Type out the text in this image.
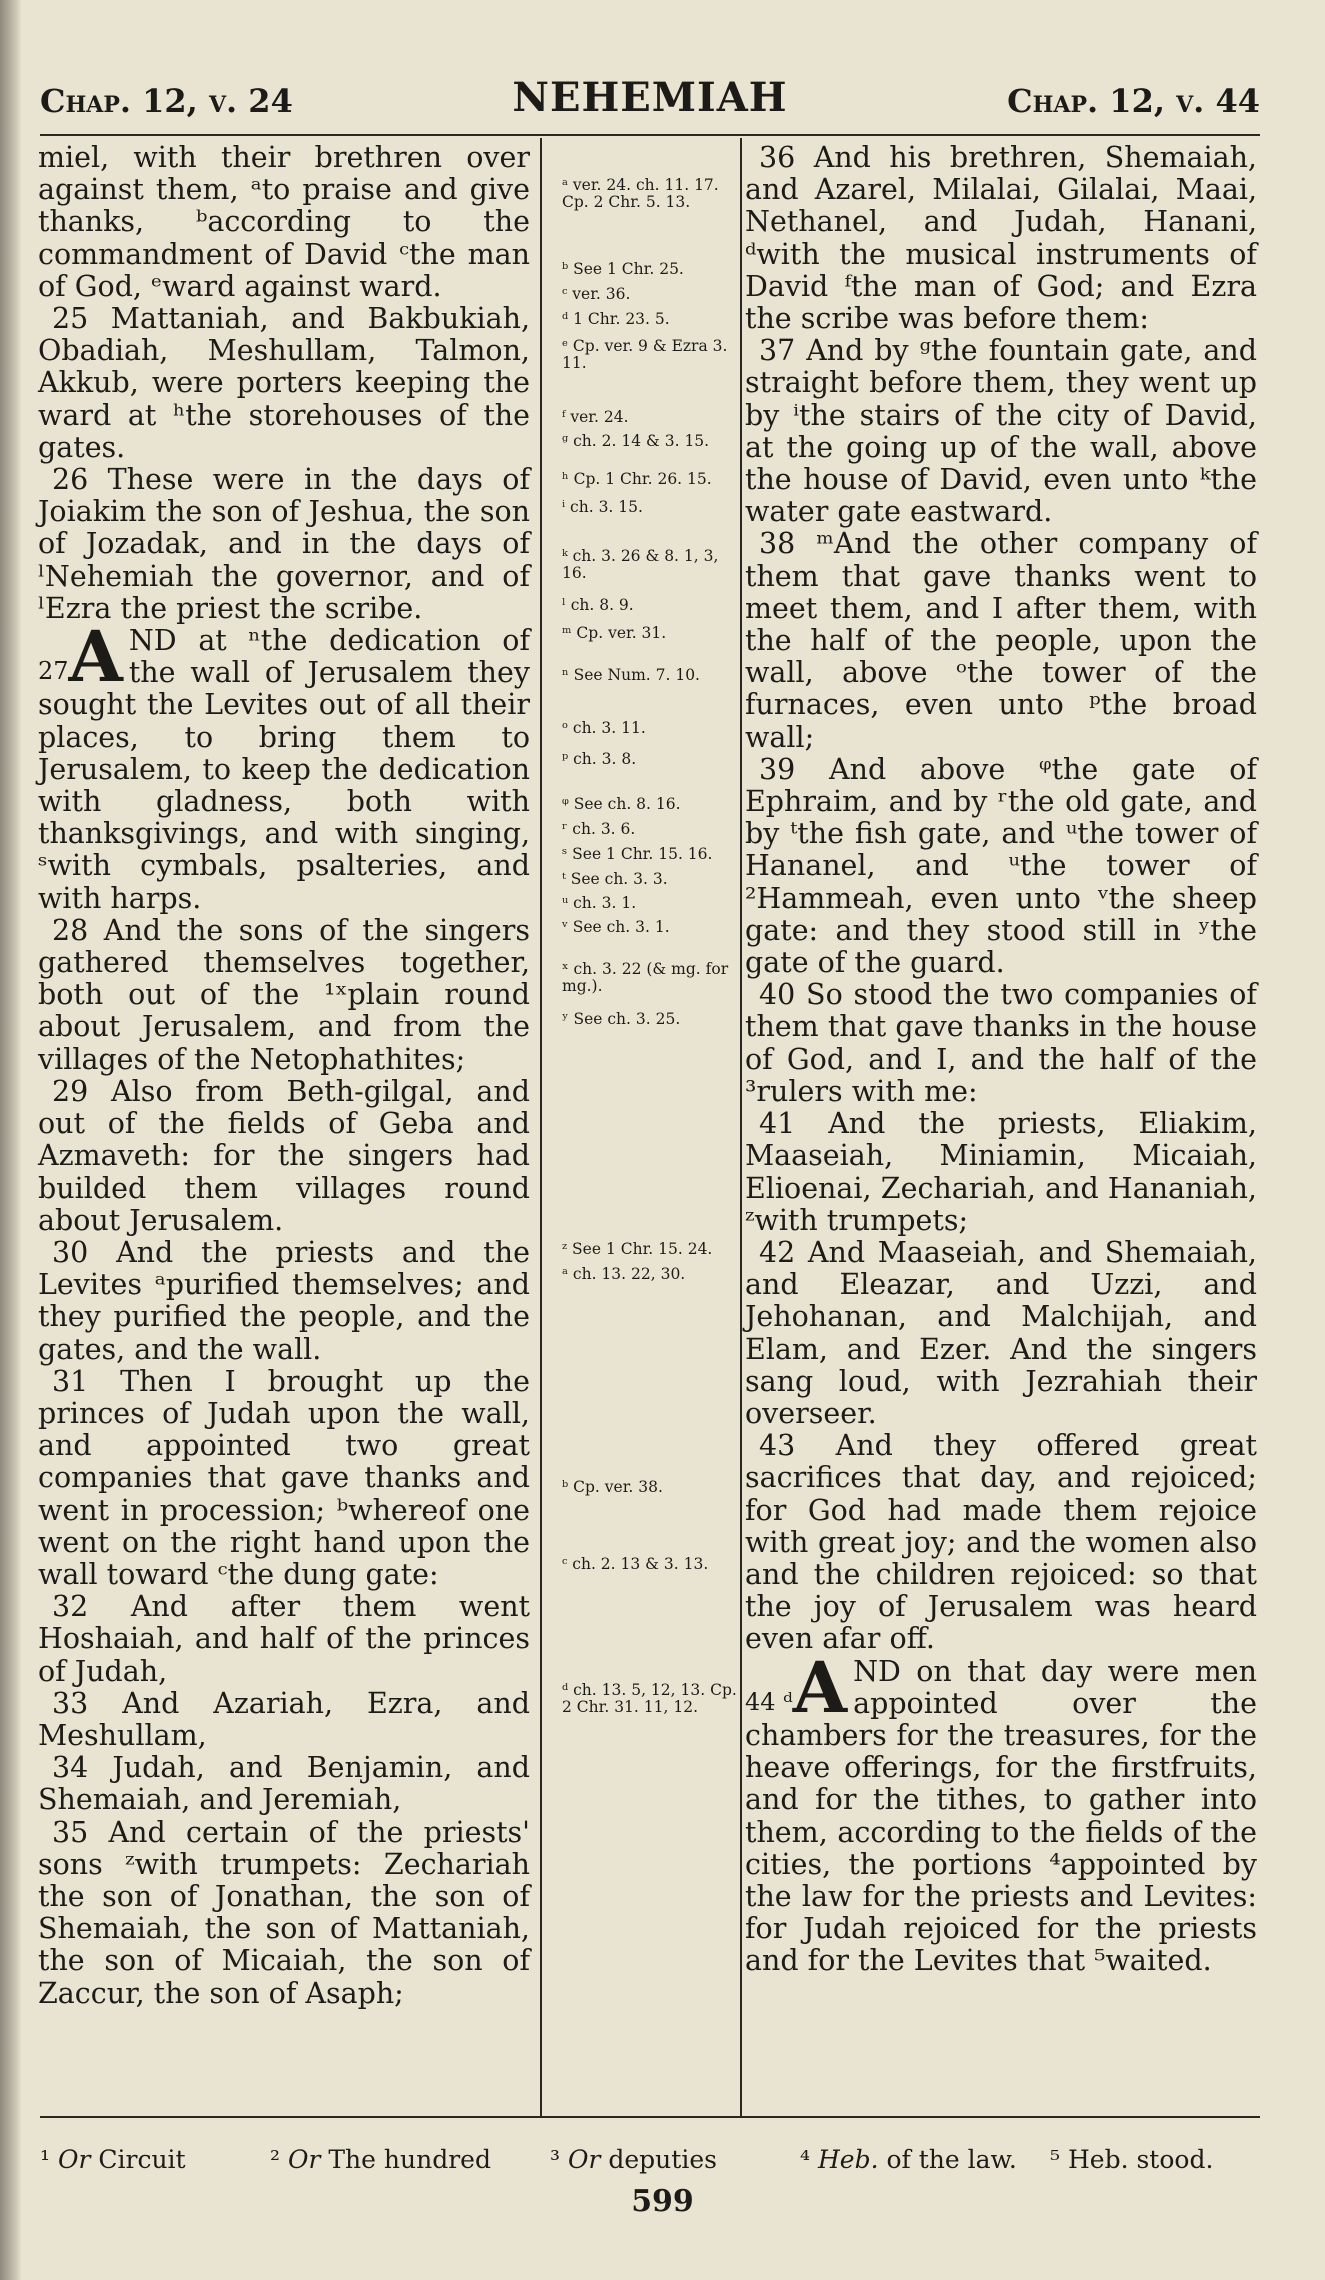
Chap. 12, v. 24	NEHEMIAH	Chap. 12, v. 44
miel, with their brethren over against them, ᵃto praise and give thanks, ᵇaccording to the commandment of David ᶜthe man of God, ᵉward against ward.
25 Mattaniah, and Bakbukiah, Obadiah, Meshullam, Talmon, Akkub, were porters keeping the ward at ʰthe storehouses of the gates.
26 These were in the days of Joiakim the son of Jeshua, the son of Jozadak, and in the days of ˡNehemiah the governor, and of ˡEzra the priest the scribe.
27 A ND at ⁿthe dedication of the wall of Jerusalem they sought the Levites out of all their places, to bring them to Jerusalem, to keep the dedication with gladness, both with thanksgivings, and with singing, ˢwith cymbals, psalteries, and with harps.
28 And the sons of the singers gathered themselves together, both out of the ¹ˣplain round about Jerusalem, and from the villages of the Netophathites;
29 Also from Beth-gilgal, and out of the fields of Geba and Azmaveth: for the singers had builded them villages round about Jerusalem.
30 And the priests and the Levites ᵃpurified themselves; and they purified the people, and the gates, and the wall.
31 Then I brought up the princes of Judah upon the wall, and appointed two great companies that gave thanks and went in procession; ᵇwhereof one went on the right hand upon the wall toward ᶜthe dung gate:
32 And after them went Hoshaiah, and half of the princes of Judah,
33 And Azariah, Ezra, and Meshullam,
34 Judah, and Benjamin, and Shemaiah, and Jeremiah,
35 And certain of the priests' sons ᶻwith trumpets: Zechariah the son of Jonathan, the son of Shemaiah, the son of Mattaniah, the son of Micaiah, the son of Zaccur, the son of Asaph;
36 And his brethren, Shemaiah, and Azarel, Milalai, Gilalai, Maai, Nethanel, and Judah, Hanani, ᵈwith the musical instruments of David ᶠthe man of God; and Ezra the scribe was before them:
37 And by ᵍthe fountain gate, and straight before them, they went up by ⁱthe stairs of the city of David, at the going up of the wall, above the house of David, even unto ᵏthe water gate eastward.
38 ᵐAnd the other company of them that gave thanks went to meet them, and I after them, with the half of the people, upon the wall, above ᵒthe tower of the furnaces, even unto ᵖthe broad wall;
39 And above ᵠthe gate of Ephraim, and by ʳthe old gate, and by ᵗthe fish gate, and ᵘthe tower of Hananel, and ᵘthe tower of ²Hammeah, even unto ᵛthe sheep gate: and they stood still in ʸthe gate of the guard.
40 So stood the two companies of them that gave thanks in the house of God, and I, and the half of the ³rulers with me:
41 And the priests, Eliakim, Maaseiah, Miniamin, Micaiah, Elioenai, Zechariah, and Hananiah, ᶻwith trumpets;
42 And Maaseiah, and Shemaiah, and Eleazar, and Uzzi, and Jehohanan, and Malchijah, and Elam, and Ezer. And the singers sang loud, with Jezrahiah their overseer.
43 And they offered great sacrifices that day, and rejoiced; for God had made them rejoice with great joy; and the women also and the children rejoiced: so that the joy of Jerusalem was heard even afar off.
44 ᵈ A ND on that day were men appointed over the chambers for the treasures, for the heave offerings, for the firstfruits, and for the tithes, to gather into them, according to the fields of the cities, the portions ⁴appointed by the law for the priests and Levites: for Judah rejoiced for the priests and for the Levites that ⁵waited.
ᵃ ver. 24. ch. 11. 17. Cp. 2 Chr. 5. 13.
ᵇ See 1 Chr. 25.
ᶜ ver. 36.
ᵈ 1 Chr. 23. 5.
ᵉ Cp. ver. 9 & Ezra 3. 11.
ᶠ ver. 24.
ᵍ ch. 2. 14 & 3. 15.
ʰ Cp. 1 Chr. 26. 15.
ⁱ ch. 3. 15.
ᵏ ch. 3. 26 & 8. 1, 3, 16.
ˡ ch. 8. 9.
ᵐ Cp. ver. 31.
ⁿ See Num. 7. 10.
ᵒ ch. 3. 11.
ᵖ ch. 3. 8.
ᵠ See ch. 8. 16.
ʳ ch. 3. 6.
ˢ See 1 Chr. 15. 16.
ᵗ See ch. 3. 3.
ᵘ ch. 3. 1.
ᵛ See ch. 3. 1.
ˣ ch. 3. 22 (& mg. for mg.).
ʸ See ch. 3. 25.
ᶻ See 1 Chr. 15. 24.
ᵃ ch. 13. 22, 30.
ᵇ Cp. ver. 38.
ᶜ ch. 2. 13 & 3. 13.
ᵈ ch. 13. 5, 12, 13. Cp. 2 Chr. 31. 11, 12.
¹ Or Circuit	² Or The hundred ³ Or deputies	⁴ Heb. of the law. ⁵ Heb. stood.
599
